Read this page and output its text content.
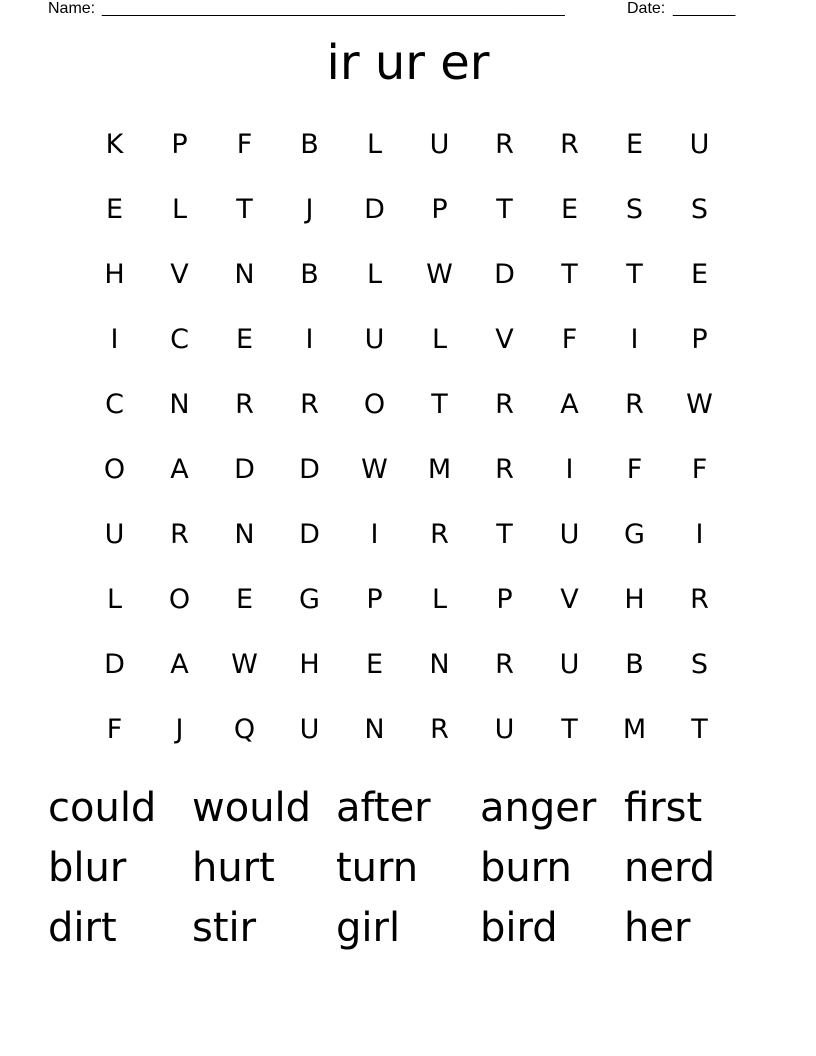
Name: ____________________________________________________	Date: _______
ir ur er
K	P	F	B	L	U	R	R	E	U
E	L	T	J	D	P	T	E	S	S
H	V	N	B	L	W	D	T	T	E
I	C	E	I	U	L	V	F	I	P
C	N	R	R	O	T	R	A	R	W
O	A	D	D	W	M	R	I	F	F
U	R	N	D	I	R	T	U	G	I
L	O	E	G	P	L	P	V	H	R
D	A	W	H	E	N	R	U	B	S
F	J	Q	U	N	R	U	T	M	T
could would after	anger first
blur	hurt	turn	burn	nerd
dirt	stir	girl	bird	her
